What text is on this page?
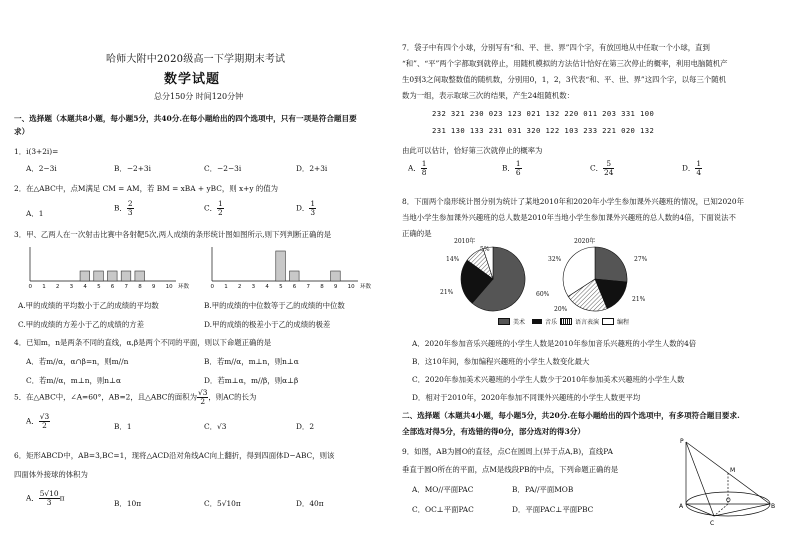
哈师大附中2020级高一下学期期末考试
数学试题
总分150分 时间120分钟
一、选择题（本题共8小题，每小题5分，共40分.在每小题给出的四个选项中，只有一项是符合题目要
求）
1．i(3+2i)=
A．2−3i	B．−2+3i	C．−2−3i	D．2+3i
2．在△ABC中，点M满足 CM = AM，若 BM = xBA + yBC，则 x+y 的值为
A．1
B． $\frac{2}{3}$	C． $\frac{1}{2}$	D． $\frac{1}{3}$
3．甲、乙两人在一次射击比赛中各射靶5次,两人成绩的条形统计图如图所示,则下列判断正确的是
0 1 2 3 4 5 6 7 8 9 10 环数	0 1 2 3 4 5 6 7 8 9 10 环数
A.甲的成绩的平均数小于乙的成绩的平均数	B.甲的成绩的中位数等于乙的成绩的中位数
C.甲的成绩的方差小于乙的成绩的方差	D.甲的成绩的极差小于乙的成绩的极差
4．已知m，n是两条不同的直线，α,β是两个不同的平面，则以下命题正确的是
A．若m//α，α∩β=n，则m//n	B．若m//α，m⊥n，则n⊥α
C．若m//α，m⊥n，则n⊥α	D．若m⊥α，m//β，则α⊥β
5．在△ABC中，∠A=60°，AB=2，且△ABC的面积为 $\frac{√3}{2}$ ，则AC的长为
A． $\frac{√3}{2}$	B．1	C．√3	D．2
6．矩形ABCD中，AB=3,BC=1，现将△ACD沿对角线AC向上翻折，得到四面体D−ABC，则该
四面体外接球的体积为
A． $\frac{5√10}{3}$ π
B．10π	C．5√10π	D．40π
7．袋子中有四个小球，分别写有“和、平、世、界”四个字，有放回地从中任取一个小球，直到
“和”、“平”两个字都取到就停止，用随机模拟的方法估计恰好在第三次停止的概率，利用电脑随机产
生0到3之间取整数值的随机数，分别用0，1，2，3代表“和、平、世、界”这四个字，以每三个随机
数为一组，表示取球三次的结果，产生24组随机数：
232 321 230 023 123 021 132 220 011 203 331 100
231 130 133 231 031 320 122 103 233 221 020 132
由此可以估计，恰好第三次就停止的概率为
A． $\frac{1}{8}$	B． $\frac{1}{6}$	C． $\frac{5}{24}$	D． $\frac{1}{4}$
8．下面两个扇形统计图分别为统计了某地2010年和2020年小学生参加课外兴趣班的情况，已知2020年
当地小学生参加课外兴趣班的总人数是2010年当地小学生参加课外兴趣班的总人数的4倍，下面说法不
正确的是
2010年	2020年
5%
14%
60%
21%
32%	27%
21%
20%
美术	音乐	语言表演	编程
A．2020年参加音乐兴趣班的小学生人数是2010年参加音乐兴趣班的小学生人数的4倍
B．这10年间，参加编程兴趣班的小学生人数变化最大
C．2020年参加美术兴趣班的小学生人数少于2010年参加美术兴趣班的小学生人数
D．相对于2010年，2020年参加不同课外兴趣班的小学生人数更平均
二、选择题（本题共4小题，每小题5分，共20分.在每小题给出的四个选项中，有多项符合题目要求.
全部选对得5分，有选错的得0分，部分选对的得3分）
9．如图，AB为圆O的直径，点C在圆周上(异于点A,B)，直线PA
垂直于圆O所在的平面，点M是线段PB的中点，下列命题正确的是
A．MO//平面PAC	B．PA//平面MOB
C．OC⊥平面PAC	D．平面PAC⊥平面PBC
P
M
A
O
B
C
